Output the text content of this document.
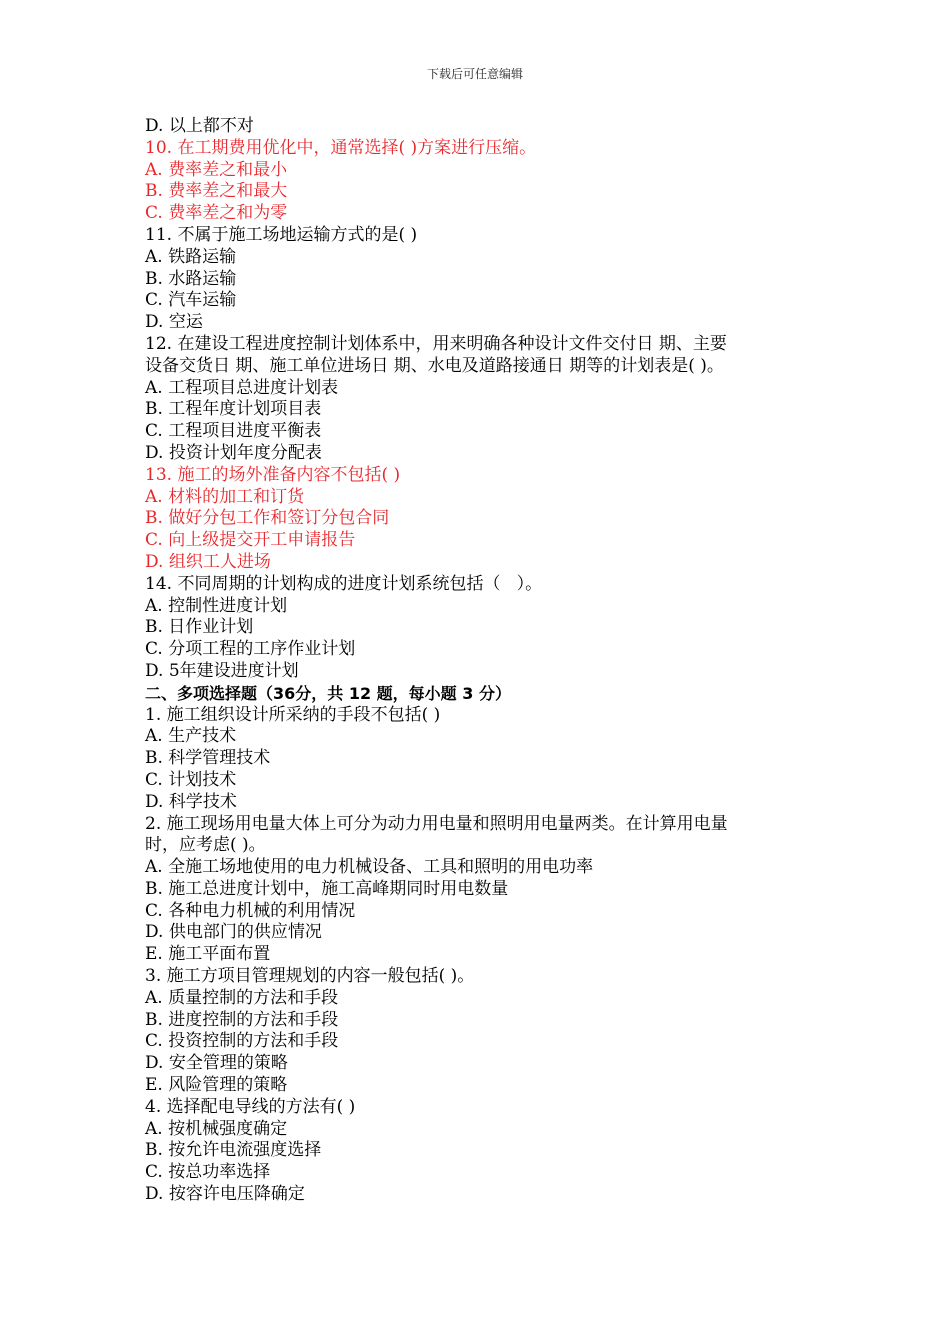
下载后可任意编辑
D. 以上都不对
10. 在工期费用优化中，通常选择( )方案进行压缩。
A. 费率差之和最小
B. 费率差之和最大
C. 费率差之和为零
11. 不属于施工场地运输方式的是( )
A. 铁路运输
B. 水路运输
C. 汽车运输
D. 空运
12. 在建设工程进度控制计划体系中，用来明确各种设计文件交付日 期、主要
设备交货日 期、施工单位进场日 期、水电及道路接通日 期等的计划表是( )。
A. 工程项目总进度计划表
B. 工程年度计划项目表
C. 工程项目进度平衡表
D. 投资计划年度分配表
13. 施工的场外准备内容不包括( )
A. 材料的加工和订货
B. 做好分包工作和签订分包合同
C. 向上级提交开工申请报告
D. 组织工人进场
14. 不同周期的计划构成的进度计划系统包括（   ）。
A. 控制性进度计划
B. 日作业计划
C. 分项工程的工序作业计划
D. 5年建设进度计划
二、多项选择题（36分，共 12 题，每小题 3 分）
1. 施工组织设计所采纳的手段不包括( )
A. 生产技术
B. 科学管理技术
C. 计划技术
D. 科学技术
2. 施工现场用电量大体上可分为动力用电量和照明用电量两类。在计算用电量
时，应考虑( )。
A. 全施工场地使用的电力机械设备、工具和照明的用电功率
B. 施工总进度计划中，施工高峰期同时用电数量
C. 各种电力机械的利用情况
D. 供电部门的供应情况
E. 施工平面布置
3. 施工方项目管理规划的内容一般包括( )。
A. 质量控制的方法和手段
B. 进度控制的方法和手段
C. 投资控制的方法和手段
D. 安全管理的策略
E. 风险管理的策略
4. 选择配电导线的方法有( )
A. 按机械强度确定
B. 按允许电流强度选择
C. 按总功率选择
D. 按容许电压降确定
